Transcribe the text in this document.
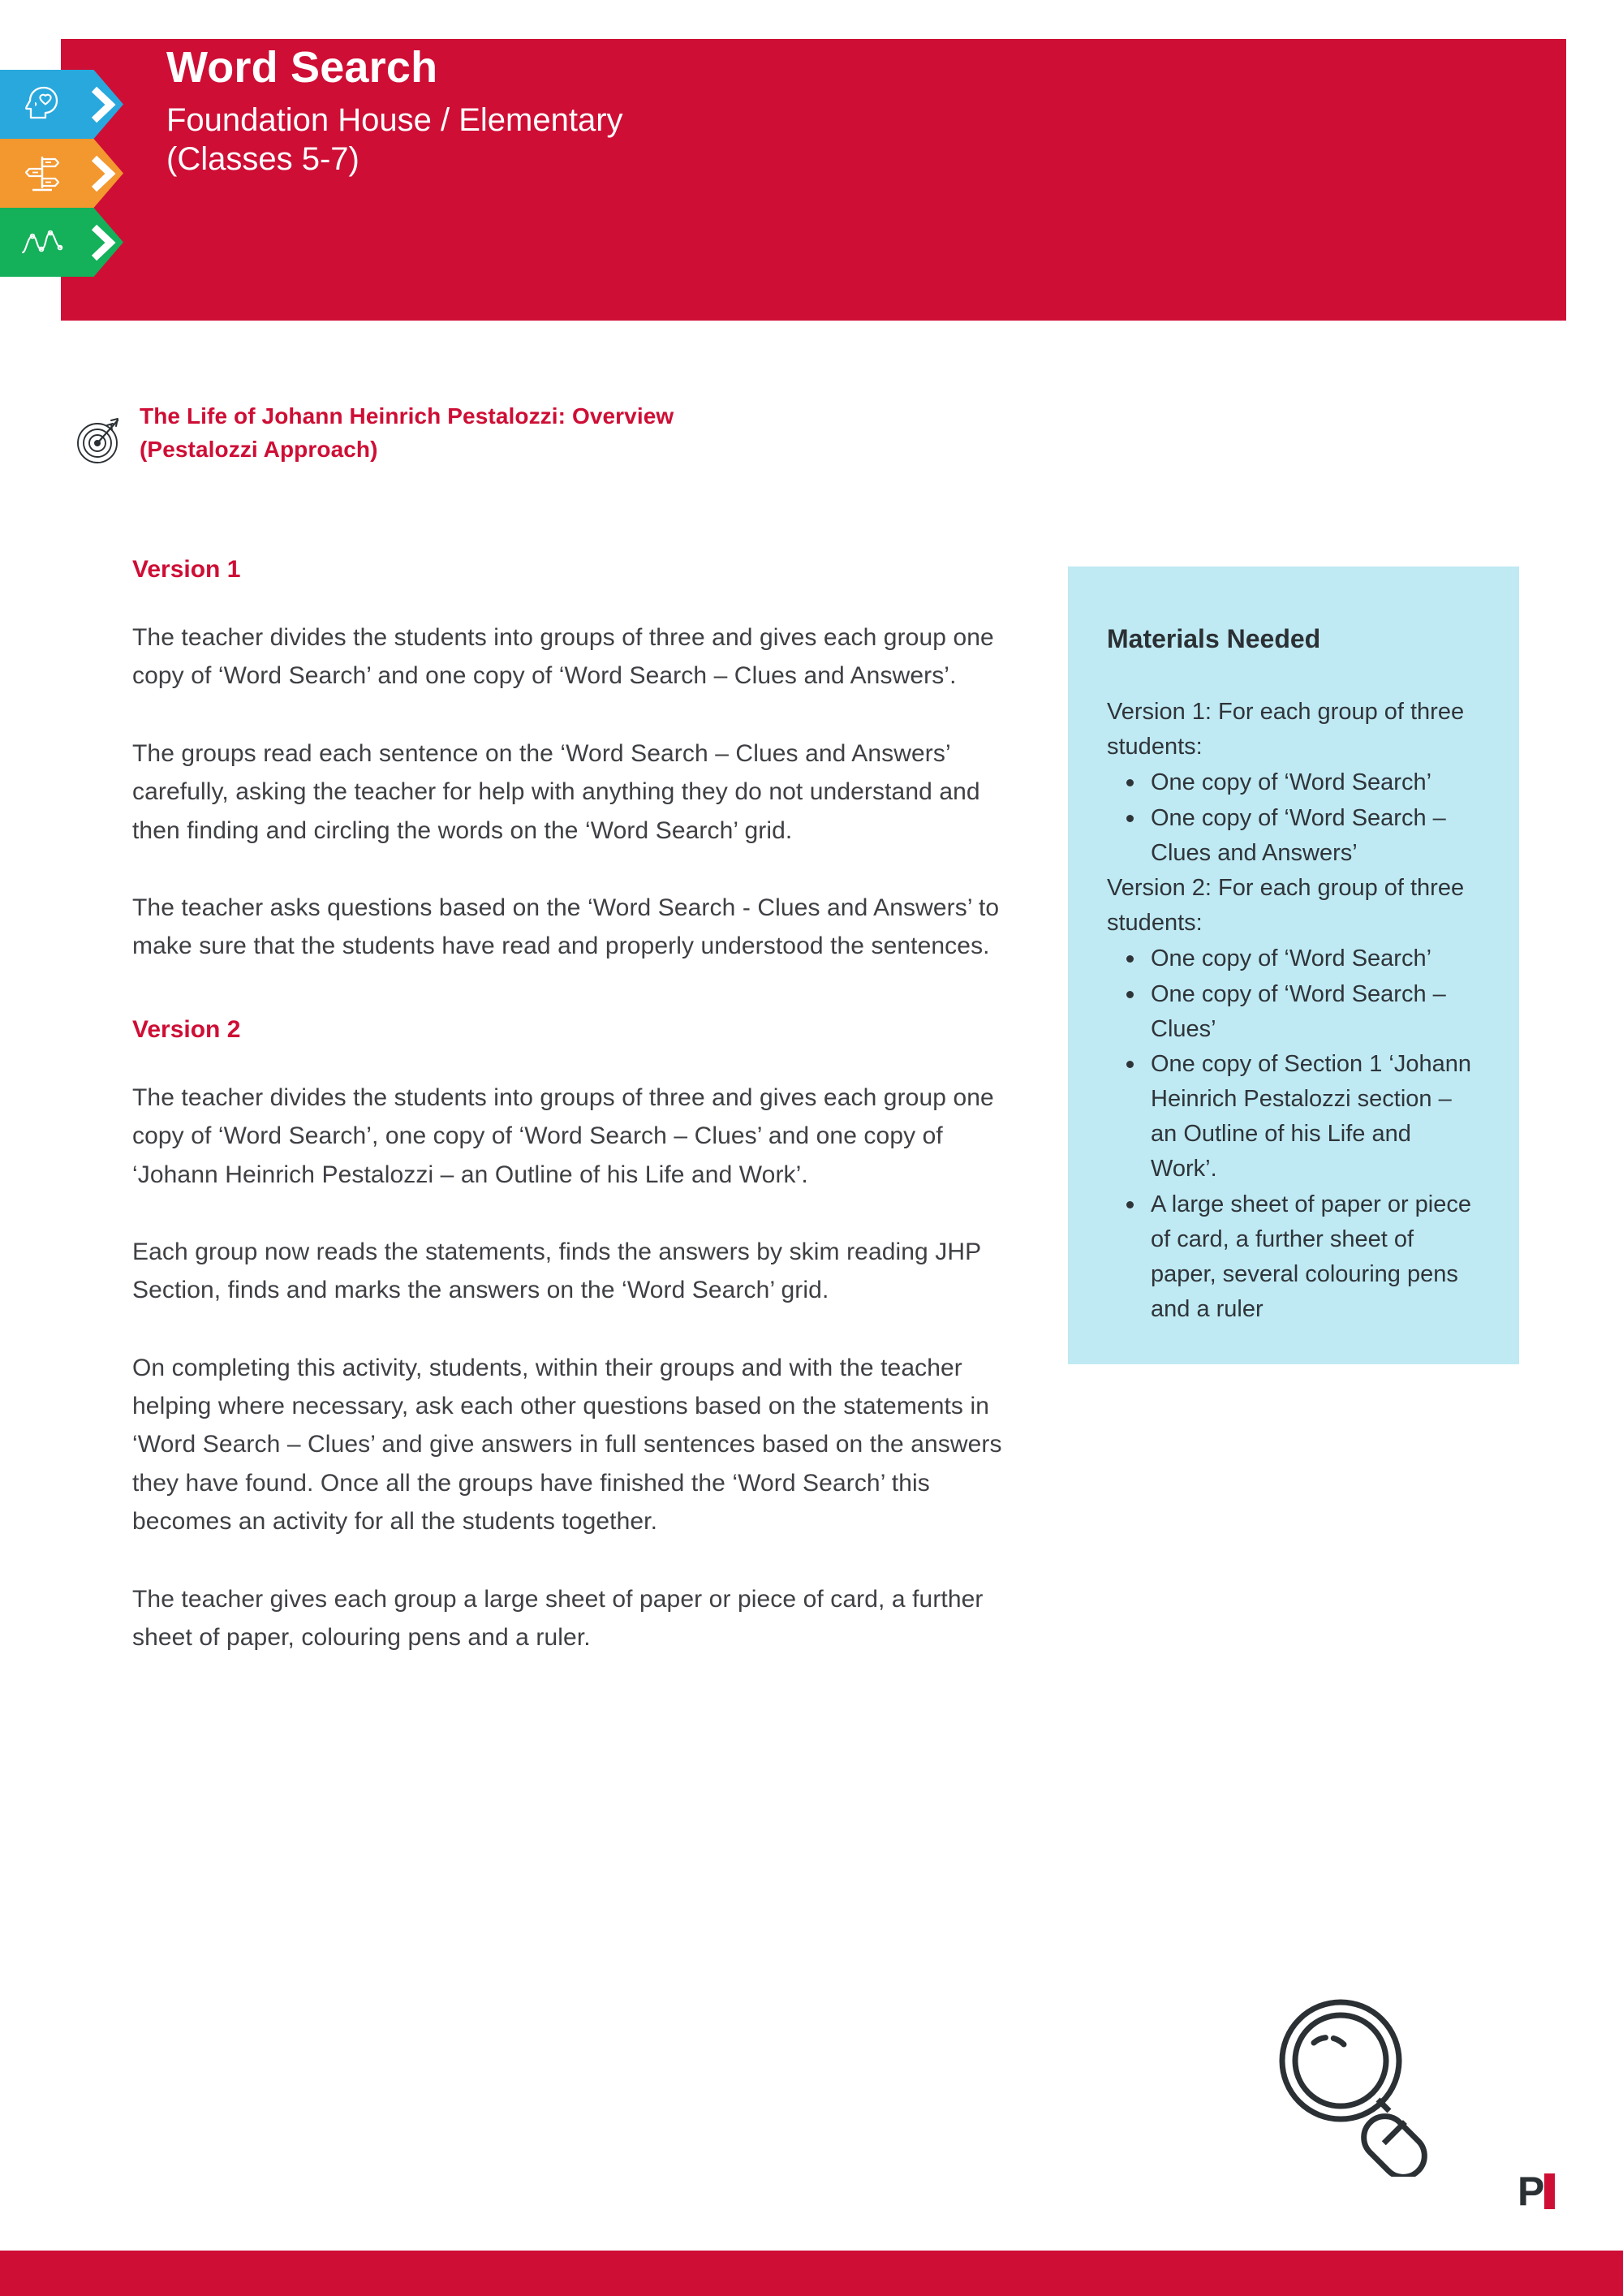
Word Search
Foundation House / Elementary
(Classes 5-7)
The Life of Johann Heinrich Pestalozzi: Overview
(Pestalozzi Approach)
Version 1

The teacher divides the students into groups of three and gives each group one copy of ‘Word Search’ and one copy of ‘Word Search – Clues and Answers’.

The groups read each sentence on the ‘Word Search – Clues and Answers’ carefully, asking the teacher for help with anything they do not understand and then finding and circling the words on the ‘Word Search’ grid.

The teacher asks questions based on the ‘Word Search - Clues and Answers’ to make sure that the students have read and properly understood the sentences.

Version 2

The teacher divides the students into groups of three and gives each group one copy of ‘Word Search’, one copy of ‘Word Search – Clues’ and one copy of ‘Johann Heinrich Pestalozzi – an Outline of his Life and Work’.

Each group now reads the statements, finds the answers by skim reading JHP Section, finds and marks the answers on the ‘Word Search’ grid.

On completing this activity, students, within their groups and with the teacher helping where necessary, ask each other questions based on the statements in ‘Word Search – Clues’ and give answers in full sentences based on the answers they have found. Once all the groups have finished the ‘Word Search’ this becomes an activity for all the students together.

The teacher gives each group a large sheet of paper or piece of card, a further sheet of paper, colouring pens and a ruler.

Materials Needed

Version 1: For each group of three students:

• One copy of ‘Word Search’
• One copy of ‘Word Search – Clues and Answers’

Version 2: For each group of three students:

• One copy of ‘Word Search’
• One copy of ‘Word Search – Clues’
• One copy of Section 1 ‘Johann Heinrich Pestalozzi section – an Outline of his Life and Work’.
• A large sheet of paper or piece of card, a further sheet of paper, several colouring pens and a ruler
P
